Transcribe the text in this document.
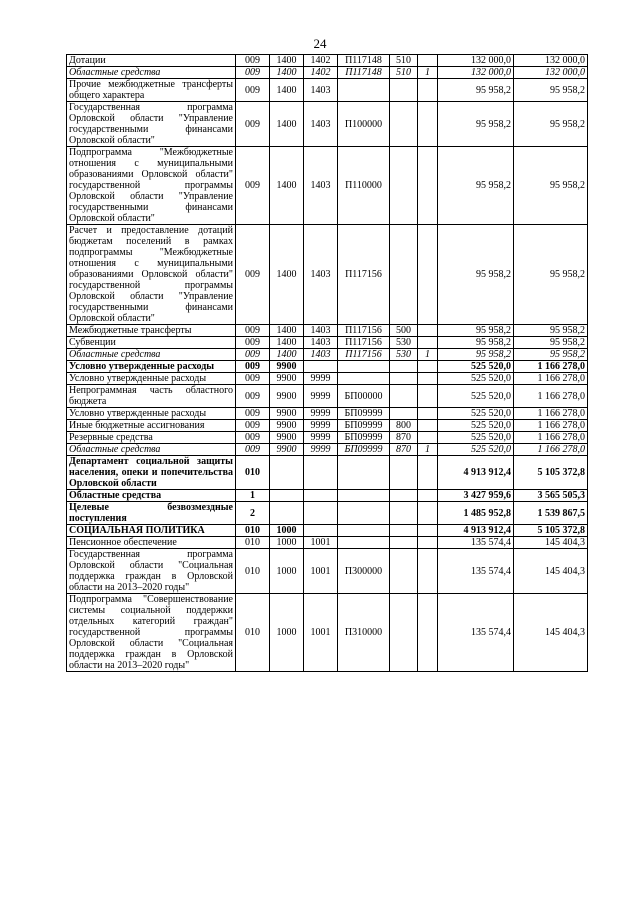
24
Дотации	009	1400	1402	П117148	510		132 000,0	132 000,0
Областные средства	009	1400	1402	П117148	510	1	132 000,0	132 000,0
Прочие межбюджетные трансферты общего характера	009	1400	1403				95 958,2	95 958,2
Государственная программа Орловской области "Управление государственными финансами Орловской области"	009	1400	1403	П100000			95 958,2	95 958,2
Подпрограмма "Межбюджетные отношения с муниципальными образованиями Орловской области" государственной программы Орловской области "Управление государственными финансами Орловской области"	009	1400	1403	П110000			95 958,2	95 958,2
Расчет и предоставление дотаций бюджетам поселений в рамках подпрограммы "Межбюджетные отношения с муниципальными образованиями Орловской области" государственной программы Орловской области "Управление государственными финансами Орловской области"	009	1400	1403	П117156			95 958,2	95 958,2
Межбюджетные трансферты	009	1400	1403	П117156	500		95 958,2	95 958,2
Субвенции	009	1400	1403	П117156	530		95 958,2	95 958,2
Областные средства	009	1400	1403	П117156	530	1	95 958,2	95 958,2
Условно утвержденные расходы	009	9900					525 520,0	1 166 278,0
Условно утвержденные расходы	009	9900	9999				525 520,0	1 166 278,0
Непрограммная часть областного бюджета	009	9900	9999	БП00000			525 520,0	1 166 278,0
Условно утвержденные расходы	009	9900	9999	БП09999			525 520,0	1 166 278,0
Иные бюджетные ассигнования	009	9900	9999	БП09999	800		525 520,0	1 166 278,0
Резервные средства	009	9900	9999	БП09999	870		525 520,0	1 166 278,0
Областные средства	009	9900	9999	БП09999	870	1	525 520,0	1 166 278,0
Департамент социальной защиты населения, опеки и попечительства Орловской области	010						4 913 912,4	5 105 372,8
Областные средства	1						3 427 959,6	3 565 505,3
Целевые безвозмездные поступления	2						1 485 952,8	1 539 867,5
СОЦИАЛЬНАЯ ПОЛИТИКА	010	1000					4 913 912,4	5 105 372,8
Пенсионное обеспечение	010	1000	1001				135 574,4	145 404,3
Государственная программа Орловской области "Социальная поддержка граждан в Орловской области на 2013–2020 годы"	010	1000	1001	П300000			135 574,4	145 404,3
Подпрограмма "Совершенствование системы социальной поддержки отдельных категорий граждан" государственной программы Орловской области "Социальная поддержка граждан в Орловской области на 2013–2020 годы"	010	1000	1001	П310000			135 574,4	145 404,3
